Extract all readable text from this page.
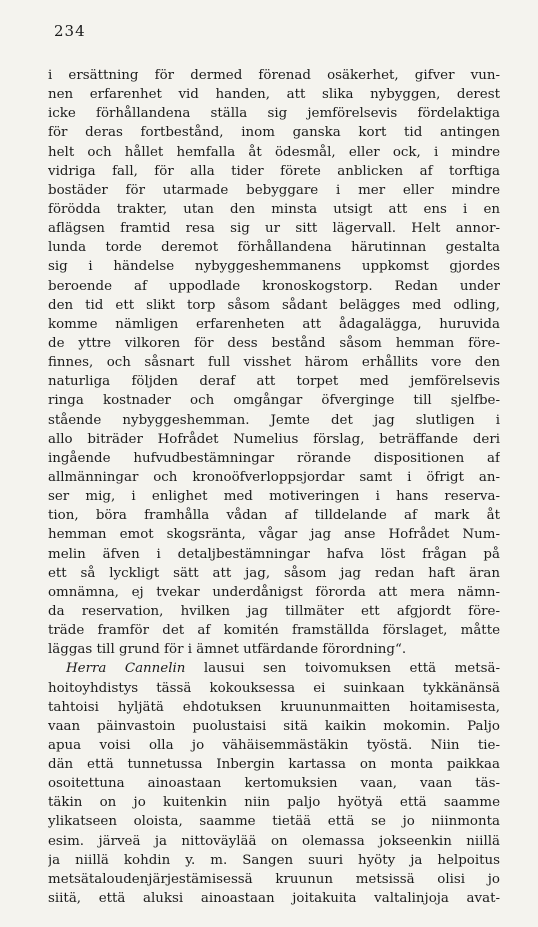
234
i ersättning för dermed förenad osäkerhet, gifver vun-
nen erfarenhet vid handen, att slika nybyggen, derest
icke förhållandena ställa sig jemförelsevis fördelaktiga
för deras fortbestånd, inom ganska kort tid antingen
helt och hållet hemfalla åt ödesmål, eller ock, i mindre
vidriga fall, för alla tider förete anblicken af torftiga
bostäder för utarmade bebyggare i mer eller mindre
förödda trakter, utan den minsta utsigt att ens i en
aflägsen framtid resa sig ur sitt lägervall. Helt annor-
lunda torde deremot förhållandena härutinnan gestalta
sig i händelse nybyggeshemmanens uppkomst gjordes
beroende af uppodlade kronoskogstorp. Redan under
den tid ett slikt torp såsom sådant belägges med odling,
komme nämligen erfarenheten att ådagalägga, huruvida
de yttre vilkoren för dess bestånd såsom hemman före-
finnes, och såsnart full visshet härom erhållits vore den
naturliga följden deraf att torpet med jemförelsevis
ringa kostnader och omgångar öfverginge till sjelfbe-
stående nybyggeshemman. Jemte det jag slutligen i
allo biträder Hofrådet Numelius förslag, beträffande deri
ingående hufvudbestämningar rörande dispositionen af
allmänningar och kronoöfverloppsjordar samt i öfrigt an-
ser mig, i enlighet med motiveringen i hans reserva-
tion, böra framhålla vådan af tilldelande af mark åt
hemman emot skogsränta, vågar jag anse Hofrådet Num-
melin äfven i detaljbestämningar hafva löst frågan på
ett så lyckligt sätt att jag, såsom jag redan haft äran
omnämna, ej tvekar underdånigst förorda att mera nämn-
da reservation, hvilken jag tillmäter ett afgjordt före-
träde framför det af komitén framställda förslaget, måtte
läggas till grund för i ämnet utfärdande förordning“.
Herra Cannelin lausui sen toivomuksen että metsä-
hoitoyhdistys tässä kokouksessa ei suinkaan tykkänänsä
tahtoisi hyljätä ehdotuksen kruununmaitten hoitamisesta,
vaan päinvastoin puolustaisi sitä kaikin mokomin. Paljo
apua voisi olla jo vähäisemmästäkin työstä. Niin tie-
dän että tunnetussa Inbergin kartassa on monta paikkaa
osoitettuna ainoastaan kertomuksien vaan, vaan täs-
täkin on jo kuitenkin niin paljo hyötyä että saamme
ylikatseen oloista, saamme tietää että se jo niinmonta
esim. järveä ja nittoväylää on olemassa jokseenkin niillä
ja niillä kohdin y. m. Sangen suuri hyöty ja helpoitus
metsätaloudenjärjestämisessä kruunun metsissä olisi jo
siitä, että aluksi ainoastaan joitakuita valtalinjoja avat-
